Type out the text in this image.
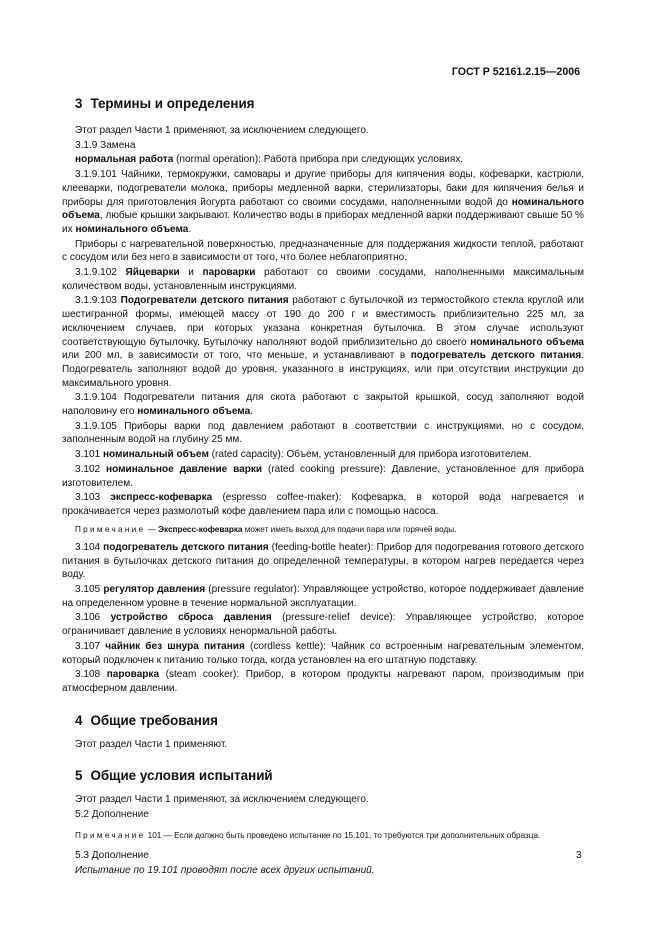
ГОСТ Р 52161.2.15—2006
3 Термины и определения

Этот раздел Части 1 применяют, за исключением следующего.

3.1.9 Замена

нормальная работа (normal operation): Работа прибора при следующих условиях.

3.1.9.101 Чайники, термокружки, самовары и другие приборы для кипячения воды, кофеварки, кастрюли, клееварки, подогреватели молока, приборы медленной варки, стерилизаторы, баки для кипячения белья и приборы для приготовления йогурта работают со своими сосудами, наполненными водой до номинального объема, любые крышки закрывают. Количество воды в приборах медленной варки поддерживают свыше 50 % их номинального объема.

Приборы с нагревательной поверхностью, предназначенные для поддержания жидкости теплой, работают с сосудом или без него в зависимости от того, что более неблагоприятно.

3.1.9.102 Яйцеварки и пароварки работают со своими сосудами, наполненными максимальным количеством воды, установленным инструкциями.

3.1.9.103 Подогреватели детского питания работают с бутылочкой из термостойкого стекла круглой или шестигранной формы, имеющей массу от 190 до 200 г и вместимость приблизительно 225 мл, за исключением случаев, при которых указана конкретная бутылочка. В этом случае используют соответствующую бутылочку. Бутылочку наполняют водой приблизительно до своего номинального объема или 200 мл, в зависимости от того, что меньше, и устанавливают в подогреватель детского питания. Подогреватель заполняют водой до уровня, указанного в инструкциях, или при отсутствии инструкции до максимального уровня.

3.1.9.104 Подогреватели питания для скота работают с закрытой крышкой, сосуд заполняют водой наполовину его номинального объема.

3.1.9.105 Приборы варки под давлением работают в соответствии с инструкциями, но с сосудом, заполненным водой на глубину 25 мм.

3.101 номинальный объем (rated capacity): Объем, установленный для прибора изготовителем.

3.102 номинальное давление варки (rated cooking pressure): Давление, установленное для прибора изготовителем.

3.103 экспресс-кофеварка (espresso coffee-maker): Кофеварка, в которой вода нагревается и прокачивается через размолотый кофе давлением пара или с помощью насоса.

Примечание — Экспресс-кофеварка может иметь выход для подачи пара или горячей воды.

3.104 подогреватель детского питания (feeding-bottle heater): Прибор для подогревания готового детского питания в бутылочках детского питания до определенной температуры, в котором нагрев передается через воду.

3.105 регулятор давления (pressure regulator): Управляющее устройство, которое поддерживает давление на определенном уровне в течение нормальной эксплуатации.

3.106 устройство сброса давления (pressure-relief device): Управляющее устройство, которое ограничивает давление в условиях ненормальной работы.

3.107 чайник без шнура питания (cordless kettle): Чайник со встроенным нагревательным элементом, который подключен к питанию только тогда, когда установлен на его штатную подставку.

3.108 пароварка (steam cooker): Прибор, в котором продукты нагревают паром, производимым при атмосферном давлении.

4 Общие требования

Этот раздел Части 1 применяют.

5 Общие условия испытаний

Этот раздел Части 1 применяют, за исключением следующего.

5.2 Дополнение

Примечание 101 — Если должно быть проведено испытание по 15.101, то требуются три дополнительных образца.

5.3 Дополнение

Испытание по 19.101 проводят после всех других испытаний.

3
